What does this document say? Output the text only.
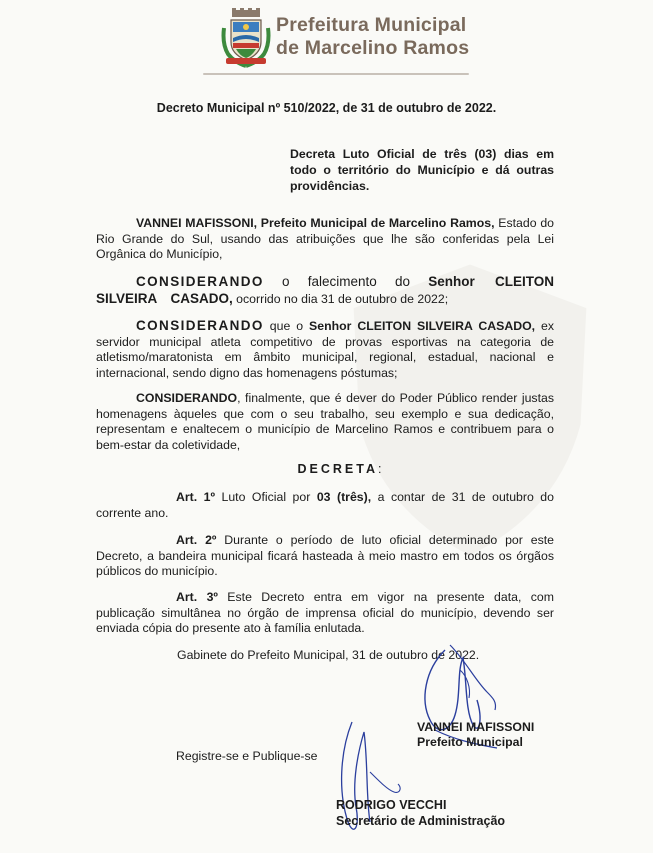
Prefeitura Municipal
de Marcelino Ramos
Decreto Municipal nº 510/2022, de 31 de outubro de 2022.
Decreta Luto Oficial de três (03) dias em todo o território do Município e dá outras providências.
VANNEI MAFISSONI, Prefeito Municipal de Marcelino Ramos, Estado do Rio Grande do Sul, usando das atribuições que lhe são conferidas pela Lei Orgânica do Município,
CONSIDERANDO o falecimento do Senhor CLEITON SILVEIRA CASADO, ocorrido no dia 31 de outubro de 2022;
CONSIDERANDO que o Senhor CLEITON SILVEIRA CASADO, ex servidor municipal atleta competitivo de provas esportivas na categoria de atletismo/maratonista em âmbito municipal, regional, estadual, nacional e internacional, sendo digno das homenagens póstumas;
CONSIDERANDO, finalmente, que é dever do Poder Público render justas homenagens àqueles que com o seu trabalho, seu exemplo e sua dedicação, representam e enaltecem o município de Marcelino Ramos e contribuem para o bem-estar da coletividade,
DECRETA:
Art. 1º Luto Oficial por 03 (três), a contar de 31 de outubro do corrente ano.
Art. 2º Durante o período de luto oficial determinado por este Decreto, a bandeira municipal ficará hasteada à meio mastro em todos os órgãos públicos do município.
Art. 3º Este Decreto entra em vigor na presente data, com publicação simultânea no órgão de imprensa oficial do município, devendo ser enviada cópia do presente ato à família enlutada.
Gabinete do Prefeito Municipal, 31 de outubro de 2022.
VANNEI MAFISSONI
Prefeito Municipal
Registre-se e Publique-se
RODRIGO VECCHI
Secretário de Administração
